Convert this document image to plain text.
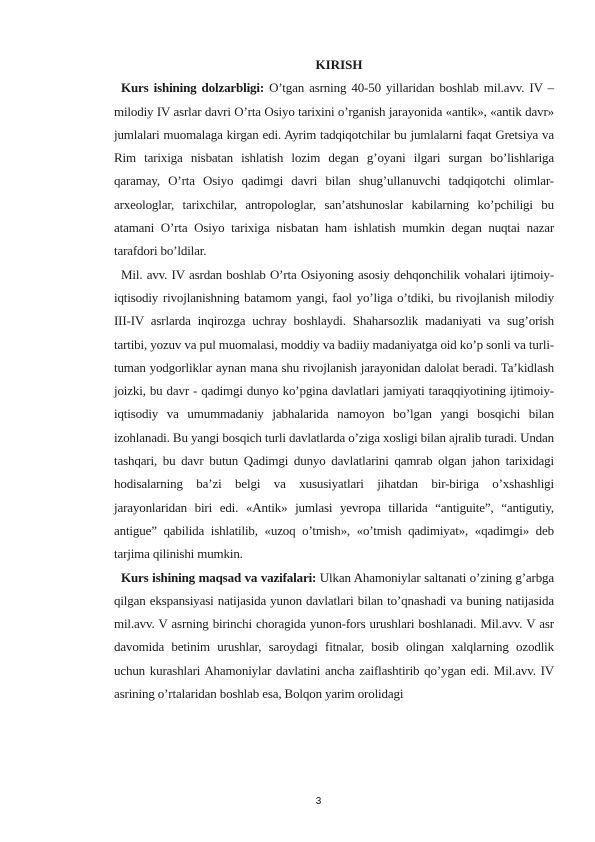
KIRISH

Kurs ishining dolzarbligi: O’tgan asrning 40-50 yillaridan boshlab mil.avv. IV – milodiy IV asrlar davri O’rta Osiyo tarixini o’rganish jarayonida «antik», «antik davr» jumlalari muomalaga kirgan edi. Ayrim tadqiqotchilar bu jumlalarni faqat Gretsiya va Rim tarixiga nisbatan ishlatish lozim degan g’oyani ilgari surgan bo’lishlariga qaramay, O’rta Osiyo qadimgi davri bilan shug’ullanuvchi tadqiqotchi olimlar-arxeologlar, tarixchilar, antropologlar, san’atshunoslar kabilarning ko’pchiligi bu atamani O’rta Osiyo tarixiga nisbatan ham ishlatish mumkin degan nuqtai nazar tarafdori bo’ldilar.

Mil. avv. IV asrdan boshlab O’rta Osiyoning asosiy dehqonchilik vohalari ijtimoiy-iqtisodiy rivojlanishning batamom yangi, faol yo’liga o’tdiki, bu rivojlanish milodiy III-IV asrlarda inqirozga uchray boshlaydi. Shaharsozlik madaniyati va sug’orish tartibi, yozuv va pul muomalasi, moddiy va badiiy madaniyatga oid ko’p sonli va turli-tuman yodgorliklar aynan mana shu rivojlanish jarayonidan dalolat beradi. Ta’kidlash joizki, bu davr - qadimgi dunyo ko’pgina davlatlari jamiyati taraqqiyotining ijtimoiy-iqtisodiy va umummadaniy jabhalarida namoyon bo’lgan yangi bosqichi bilan izohlanadi. Bu yangi bosqich turli davlatlarda o’ziga xosligi bilan ajralib turadi. Undan tashqari, bu davr butun Qadimgi dunyo davlatlarini qamrab olgan jahon tarixidagi hodisalarning ba’zi belgi va xususiyatlari jihatdan bir-biriga o’xshashligi jarayonlaridan biri edi. «Antik» jumlasi yevropa tillarida “antiguite”, “antigutiy, antigue” qabilida ishlatilib, «uzoq o’tmish», «o’tmish qadimiyat», «qadimgi» deb tarjima qilinishi mumkin.

Kurs ishining maqsad va vazifalari: Ulkan Ahamoniylar saltanati o’zining g’arbga qilgan ekspansiyasi natijasida yunon davlatlari bilan to’qnashadi va buning natijasida mil.avv. V asrning birinchi choragida yunon-fors urushlari boshlanadi. Mil.avv. V asr davomida betinim urushlar, saroydagi fitnalar, bosib olingan xalqlarning ozodlik uchun kurashlari Ahamoniylar davlatini ancha zaiflashtirib qo’ygan edi. Mil.avv. IV asrining o’rtalaridan boshlab esa, Bolqon yarim orolidagi

3
